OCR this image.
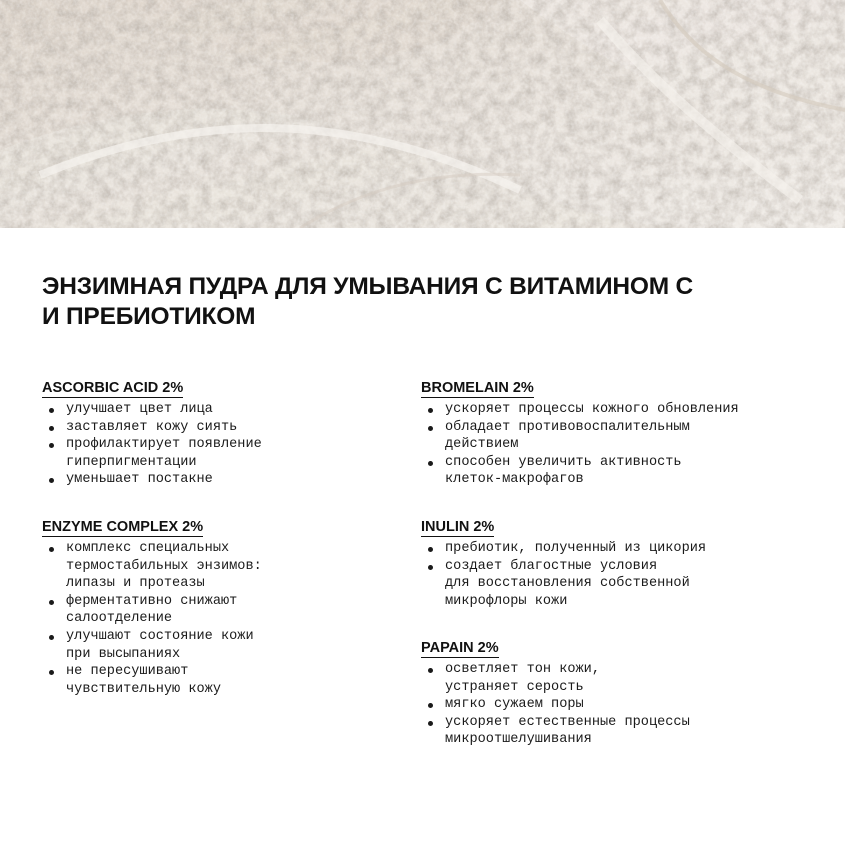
ЭНЗИМНАЯ ПУДРА ДЛЯ УМЫВАНИЯ С ВИТАМИНОМ С
И ПРЕБИОТИКОМ
ASCORBIC ACID 2%
улучшает цвет лица
заставляет кожу сиять
профилактирует появление
гиперпигментации
уменьшает постакне
BROMELAIN 2%
ускоряет процессы кожного обновления
обладает противовоспалительным
действием
способен увеличить активность
клеток-макрофагов
ENZYME COMPLEX 2%
комплекс специальных
термостабильных энзимов:
липазы и протеазы
ферментативно снижают
салоотделение
улучшают состояние кожи
при высыпаниях
не пересушивают
чувствительную кожу
INULIN 2%
пребиотик, полученный из цикория
создает благостные условия
для восстановления собственной
микрофлоры кожи
PAPAIN 2%
осветляет тон кожи,
устраняет серость
мягко сужаем поры
ускоряет естественные процессы
микроотшелушивания
